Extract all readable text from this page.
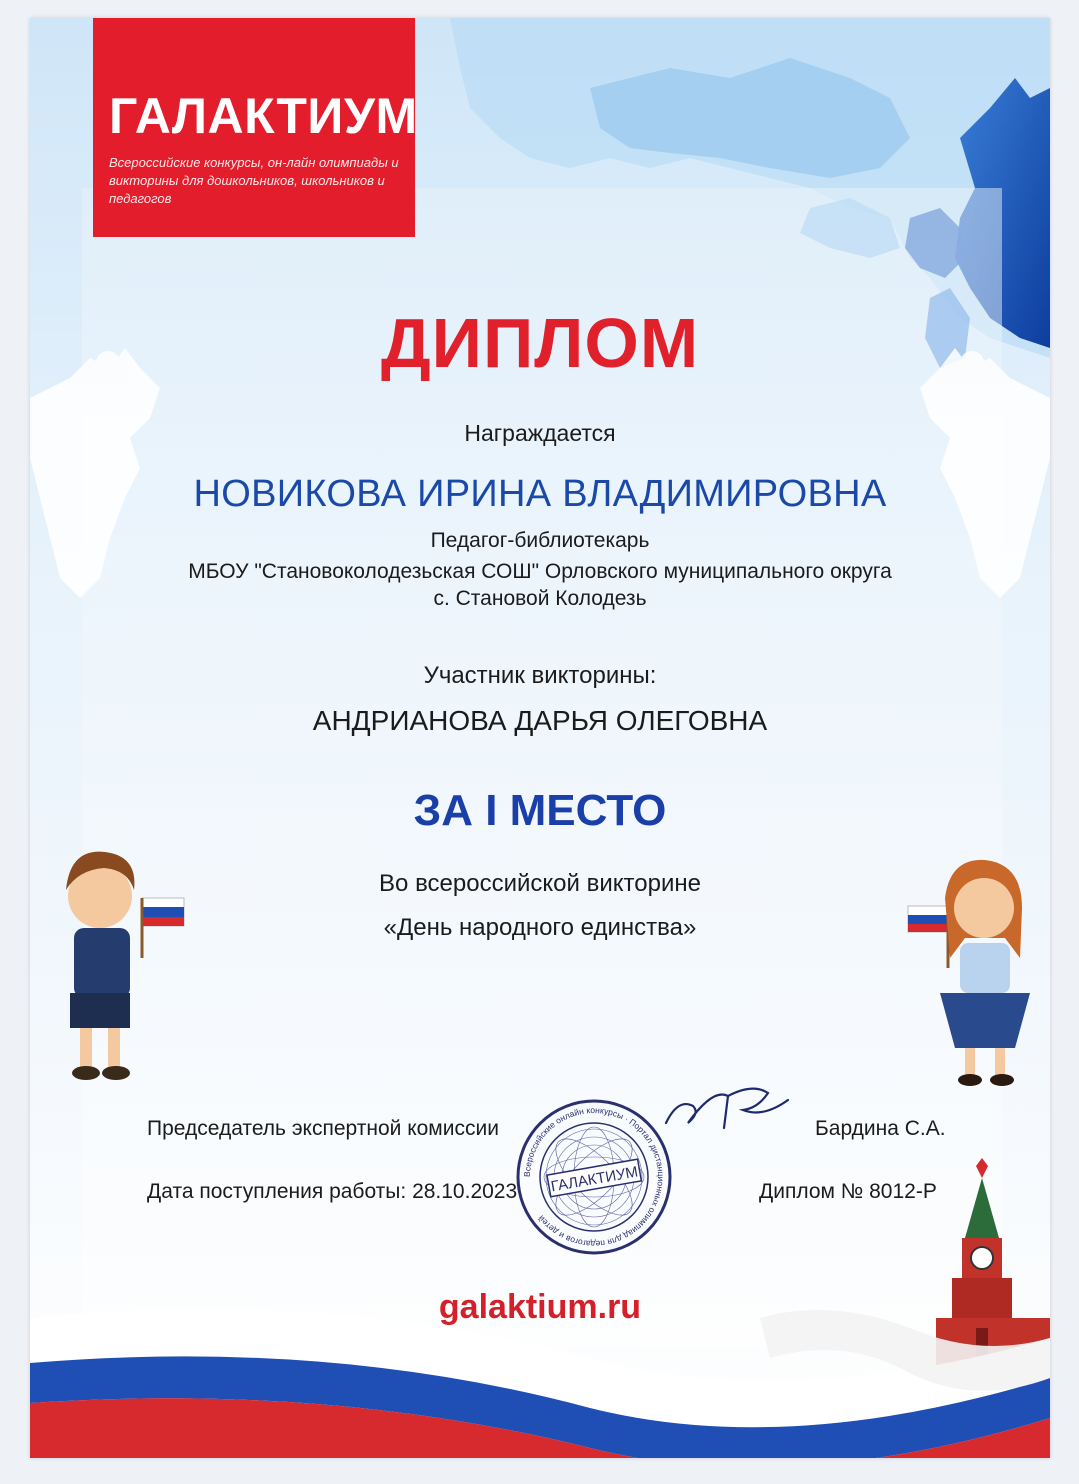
ГАЛАКТИУМ
Всероссийские конкурсы, он-лайн олимпиады и викторины для дошкольников, школьников и педагогов
ДИПЛОМ
Награждается
НОВИКОВА ИРИНА ВЛАДИМИРОВНА
Педагог-библиотекарь
МБОУ "Становоколодезьская СОШ" Орловского муниципального округа
с. Становой Колодезь
Участник викторины:
АНДРИАНОВА ДАРЬЯ ОЛЕГОВНА
ЗА I МЕСТО
Во всероссийской викторине
«День народного единства»
Председатель экспертной комиссии	Бардина С.А.
Дата поступления работы: 28.10.2023	Диплом № 8012-Р
ГАЛАКТИУМ
Всероссийские онлайн конкурсы · Портал дистанционных олимпиад для педагогов и детей
galaktium.ru
